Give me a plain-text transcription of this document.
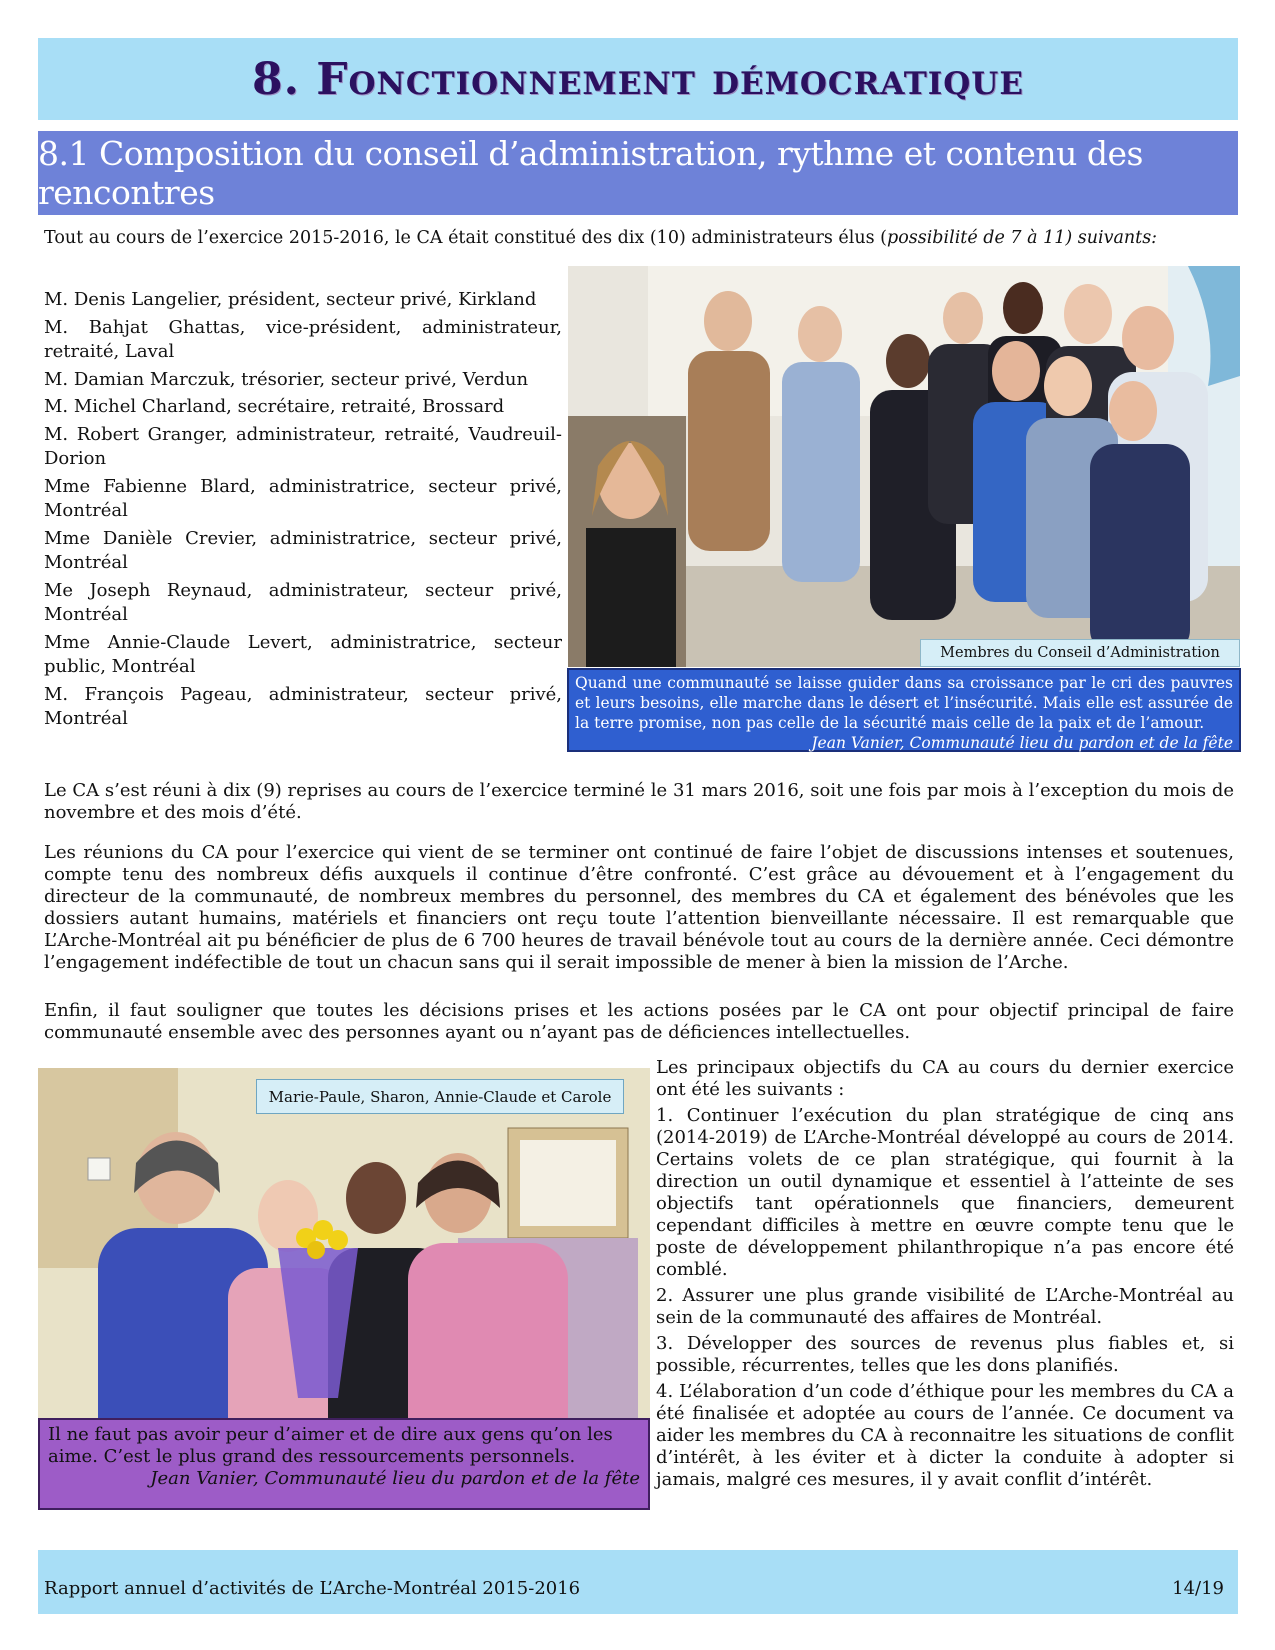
8. Fonctionnement démocratique
8.1 Composition du conseil d’administration, rythme et contenu des rencontres
Tout au cours de l’exercice 2015-2016, le CA était constitué des dix (10) administrateurs élus (possibilité de 7 à 11) suivants:
M. Denis Langelier, président, secteur privé, Kirkland
M. Bahjat Ghattas, vice-président, administrateur, retraité, Laval
M. Damian Marczuk, trésorier, secteur privé, Verdun
M. Michel Charland, secrétaire, retraité, Brossard
M. Robert Granger, administrateur, retraité, Vaudreuil-Dorion
Mme Fabienne Blard, administratrice, secteur privé, Montréal
Mme Danièle Crevier, administratrice, secteur privé, Montréal
Me Joseph Reynaud, administrateur, secteur privé, Montréal
Mme Annie-Claude Levert, administratrice, secteur public, Montréal
M. François Pageau, administrateur, secteur privé, Montréal
Membres du Conseil d’Administration
Quand une communauté se laisse guider dans sa croissance par le cri des pauvres et leurs besoins, elle marche dans le désert et l’insécurité. Mais elle est assurée de la terre promise, non pas celle de la sécurité mais celle de la paix et de l’amour.
Jean Vanier, Communauté lieu du pardon et de la fête
Le CA s’est réuni à dix (9) reprises au cours de l’exercice terminé le 31 mars 2016, soit une fois par mois à l’exception du mois de novembre et des mois d’été.
Les réunions du CA pour l’exercice qui vient de se terminer ont continué de faire l’objet de discussions intenses et soutenues, compte tenu des nombreux défis auxquels il continue d’être confronté. C’est grâce au dévouement et à l’engagement du directeur de la communauté, de nombreux membres du personnel, des membres du CA et également des bénévoles que les dossiers autant humains, matériels et financiers ont reçu toute l’attention bienveillante nécessaire. Il est remarquable que L’Arche-Montréal ait pu bénéficier de plus de 6 700 heures de travail bénévole tout au cours de la dernière année. Ceci démontre l’engagement indéfectible de tout un chacun sans qui il serait impossible de mener à bien la mission de l’Arche.
Enfin, il faut souligner que toutes les décisions prises et les actions posées par le CA ont pour objectif principal de faire communauté ensemble avec des personnes ayant ou n’ayant pas de déficiences intellectuelles.
Marie-Paule, Sharon, Annie-Claude et Carole
Il ne faut pas avoir peur d’aimer et de dire aux gens qu’on les aime. C’est le plus grand des ressourcements personnels.
Jean Vanier, Communauté lieu du pardon et de la fête

Les principaux objectifs du CA au cours du dernier exercice ont été les suivants :

1. Continuer l’exécution du plan stratégique de cinq ans (2014-2019) de L’Arche-Montréal développé au cours de 2014. Certains volets de ce plan stratégique, qui fournit à la direction un outil dynamique et essentiel à l’atteinte de ses objectifs tant opérationnels que financiers, demeurent cependant difficiles à mettre en œuvre compte tenu que le poste de développement philanthropique n’a pas encore été comblé.

2. Assurer une plus grande visibilité de L’Arche-Montréal au sein de la communauté des affaires de Montréal.

3. Développer des sources de revenus plus fiables et, si possible, récurrentes, telles que les dons planifiés.

4. L’élaboration d’un code d’éthique pour les membres du CA a été finalisée et adoptée au cours de l’année. Ce document va aider les membres du CA à reconnaitre les situations de conflit d’intérêt, à les éviter et à dicter la conduite à adopter si jamais, malgré ces mesures, il y avait conflit d’intérêt.

Rapport annuel d’activités de L’Arche-Montréal 2015-2016	14/19
